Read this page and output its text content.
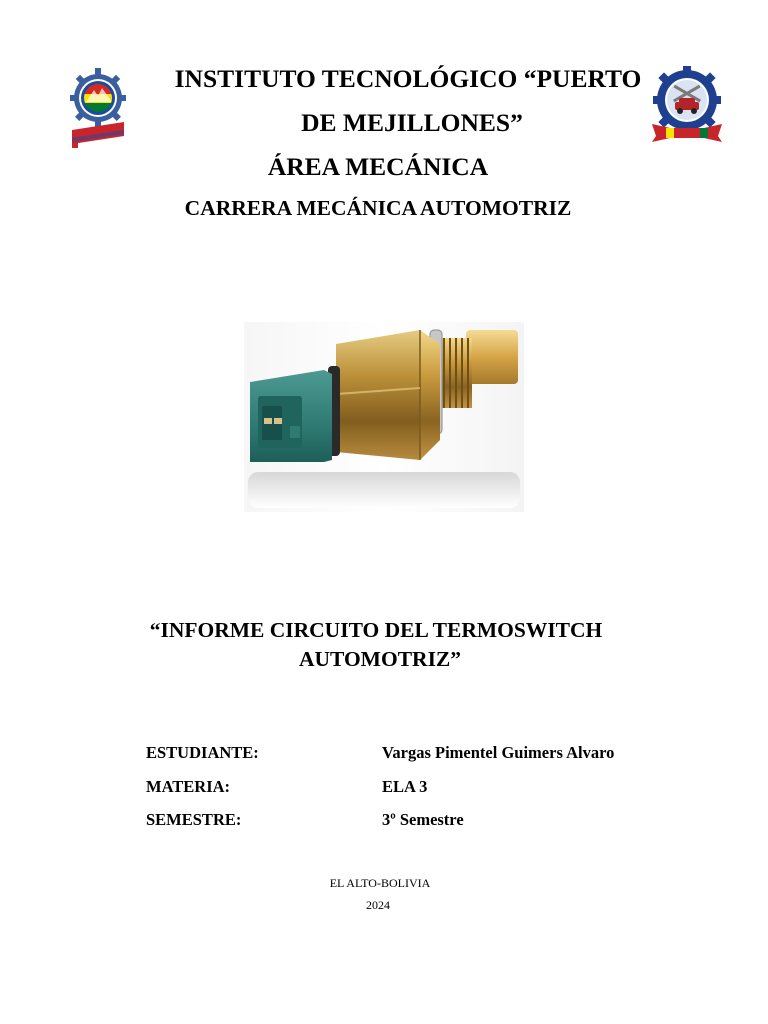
INSTITUTO TECNOLÓGICO “PUERTO
DE MEJILLONES”
ÁREA MECÁNICA
CARRERA MECÁNICA AUTOMOTRIZ
“INFORME CIRCUITO DEL TERMOSWITCH
AUTOMOTRIZ”
ESTUDIANTE:	Vargas Pimentel Guimers Alvaro
MATERIA:	ELA 3
SEMESTRE:	3º Semestre
EL ALTO-BOLIVIA
2024
